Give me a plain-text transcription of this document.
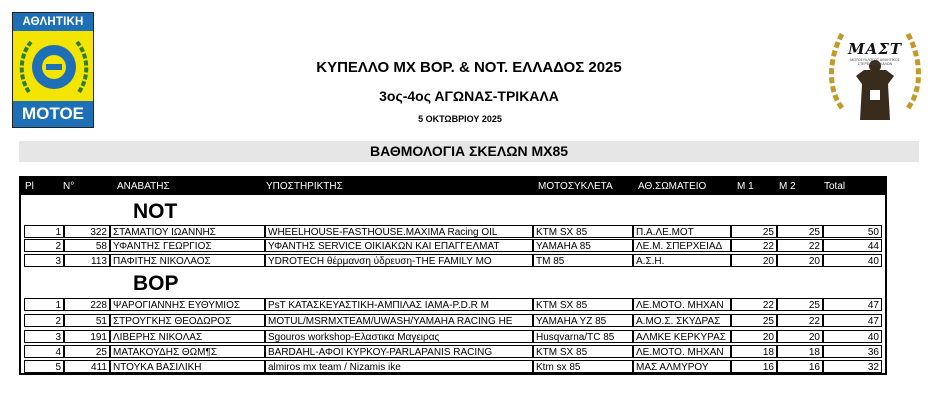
ΑΘΛΗΤΙΚΗ
ΜΟΤΟΕ
ΜΑΣΤ
ΜΟΤΟΣΥΛΛΟΓΟΣ ΑΘΛΗΤΙΚΟΣ ΣΤΕΡΕΑΣ ΤΡΙΚΑΛΩΝ
ΚΥΠΕΛΛΟ MX ΒΟΡ. & ΝΟΤ. ΕΛΛΑΔΟΣ 2025
3ος-4ος ΑΓΩΝΑΣ-ΤΡΙΚΑΛΑ
5 ΟΚΤΩΒΡΙΟΥ 2025
ΒΑΘΜΟΛΟΓΙΑ ΣΚΕΛΩΝ MX85
Pl	N°	ΑΝΑΒΑΤΗΣ	ΥΠΟΣΤΗΡΙΚΤΗΣ	ΜΟΤΟΣΥΚΛΕΤΑ	ΑΘ.ΣΩΜΑΤΕΙΟ	Μ 1	Μ 2	Total
ΝΟΤ
1	322 ΣΤΑΜΑΤΙΟΥ ΙΩΑΝΝΗΣ	WHEELHOUSE-FASTHOUSE.MAXIMA Racing OIL	KTM SX 85	Π.Α.ΛΕ.ΜΟΤ	25	25	50
2	58 ΥΦΑΝΤΗΣ ΓΕΩΡΓΙΟΣ	ΥΦΑΝΤΗΣ SERVICE ΟΙΚΙΑΚΩΝ ΚΑΙ ΕΠΑΓΓΕΛΜΑΤ	YAMAHA 85	ΛΕ.Μ. ΣΠΕΡΧΕΙΑΔ	22	22	44
3	113 ΠΑΦΙΤΗΣ ΝΙΚΟΛΑΟΣ	YDROTECH θέρμανση ύδρευση-THE FAMILY MO	TM 85	Α.Σ.Η.	20	20	40
ΒΟΡ
1	228 ΨΑΡΟΓΙΑΝΝΗΣ ΕΥΘΥΜΙΟΣ	PsT ΚΑΤΑΣΚΕΥΑΣΤΙΚΗ-ΑΜΠΙΛΑΣ ΙΑΜΑ-P.D.R M	KTM SX 85	ΛΕ.ΜΟΤΟ. ΜΗΧΑΝ	22	25	47
2	51 ΣΤΡΟΥΓΚΗΣ ΘΕΟΔΩΡΟΣ	MOTUL/MSRMXTEAM/UWASH/YAMAHA RACING HE	YAMAHA YZ 85	Α.ΜΟ.Σ. ΣΚΥΔΡΑΣ	25	22	47
3	191 ΛΙΒΕΡΗΣ ΝΙΚΟΛΑΣ	Sgouros workshop-Ελαστικα Μαγειρας	Husqvarna/TC 85	ΑΛΜΚΕ ΚΕΡΚΥΡΑΣ	20	20	40
4	25 ΜΑΤΑΚΟΥΔΗΣ ΘΩΜ¶Σ	BARDAHL-ΑΦΟΙ ΚΥΡΚΟΥ-PARLAPANIS RACING	KTM SX 85	ΛΕ.ΜΟΤΟ. ΜΗΧΑΝ	18	18	36
5	411 ΝΤΟΥΚΑ ΒΑΣΙΛΙΚΗ	almiros mx team / Nizamis ike	Ktm sx 85	ΜΑΣ ΑΛΜΥΡΟΥ	16	16	32
